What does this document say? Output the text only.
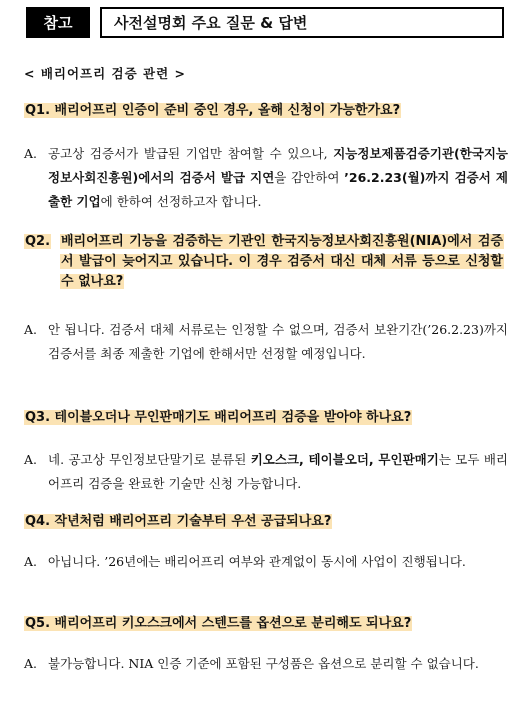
참고	사전설명회 주요 질문 & 답변
< 배리어프리 검증 관련 >
Q1. 배리어프리 인증이 준비 중인 경우, 올해 신청이 가능한가요?
A. 공고상 검증서가 발급된 기업만 참여할 수 있으나, 지능정보제품검증기관(한국지능정보사회진흥원)에서의 검증서 발급 지연을 감안하여 ’26.2.23(월)까지 검증서 제출한 기업에 한하여 선정하고자 합니다.
Q2. 배리어프리 기능을 검증하는 기관인 한국지능정보사회진흥원(NIA)에서 검증서 발급이 늦어지고 있습니다. 이 경우 검증서 대신 대체 서류 등으로 신청할 수 없나요?
A. 안 됩니다. 검증서 대체 서류로는 인정할 수 없으며, 검증서 보완기간(’26.2.23)까지 검증서를 최종 제출한 기업에 한해서만 선정할 예정입니다.
Q3. 테이블오더나 무인판매기도 배리어프리 검증을 받아야 하나요?
A. 네. 공고상 무인정보단말기로 분류된 키오스크, 테이블오더, 무인판매기는 모두 배리어프리 검증을 완료한 기술만 신청 가능합니다.
Q4. 작년처럼 배리어프리 기술부터 우선 공급되나요?
A. 아닙니다. ’26년에는 배리어프리 여부와 관계없이 동시에 사업이 진행됩니다.
Q5. 배리어프리 키오스크에서 스텐드를 옵션으로 분리해도 되나요?
A. 불가능합니다. NIA 인증 기준에 포함된 구성품은 옵션으로 분리할 수 없습니다.
